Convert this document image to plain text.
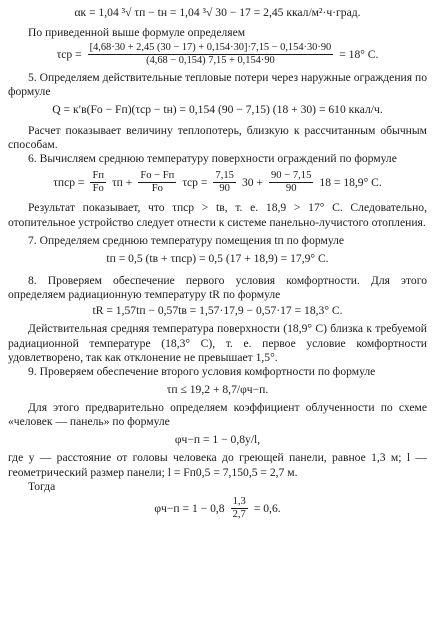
αк = 1,04 ³√ τп − tн = 1,04 ³√ 30 − 17 = 2,45 ккал/м²·ч·град.

По приведенной выше формуле определяем

$\tau ср = \frac{[4,68\cdot 30 + 2,45 (30 - 17) + 0,154\cdot 30]\cdot 7,15 - 0,154\cdot 30\cdot 90}{(4,68 - 0,154) 7,15 + 0,154\cdot 90} = 18^\circ$ С.

5. Определяем действительные тепловые потери через наружные ограждения по формуле

Q = к′в(Fо − Fп)(τср − tн) = 0,154 (90 − 7,15) (18 + 30) = 610 ккал/ч.

Расчет показывает величину теплопотерь, близкую к рассчитанным обычным способам.

6. Вычисляем среднюю температуру поверхности ограждений по формуле

$\tau пср = \frac{Fп}{Fо}$ $\tau п + \frac{Fо - Fп}{Fо}$ $\tau ср = \frac{7,15}{90} 30 + \frac{90 - 7,15}{90} 18 = 18,9^\circ$ С.

Результат показывает, что τпср > tв, т. е. 18,9 > 17° С. Следовательно, отопительное устройство следует отнести к системе панельно-лучистого отопления.

7. Определяем среднюю температуру помещения tп по формуле

tп = 0,5 (tв + τпср) = 0,5 (17 + 18,9) = 17,9° С.

8. Проверяем обеспечение первого условия комфортности. Для этого определяем радиационную температуру tR по формуле

tR = 1,57tп − 0,57tв = 1,57·17,9 − 0,57·17 = 18,3° С.

Действительная средняя температура поверхности (18,9° С) близка к требуемой радиационной температуре (18,3° С), т. е. первое условие комфортности удовлетворено, так как отклонение не превышает 1,5°.

9. Проверяем обеспечение второго условия комфортности по формуле

τп ≤ 19,2 + 8,7/φч−п.

Для этого предварительно определяем коэффициент облученности по схеме «человек — панель» по формуле

φч−п = 1 − 0,8y/l,

где y — расстояние от головы человека до греющей панели, равное 1,3 м; l — геометрический размер панели; l = Fп0,5 = 7,150,5 = 2,7 м.

Тогда

$\varphi ч-п = 1 - 0,8 \frac{1,3}{2,7} = 0,6$.
